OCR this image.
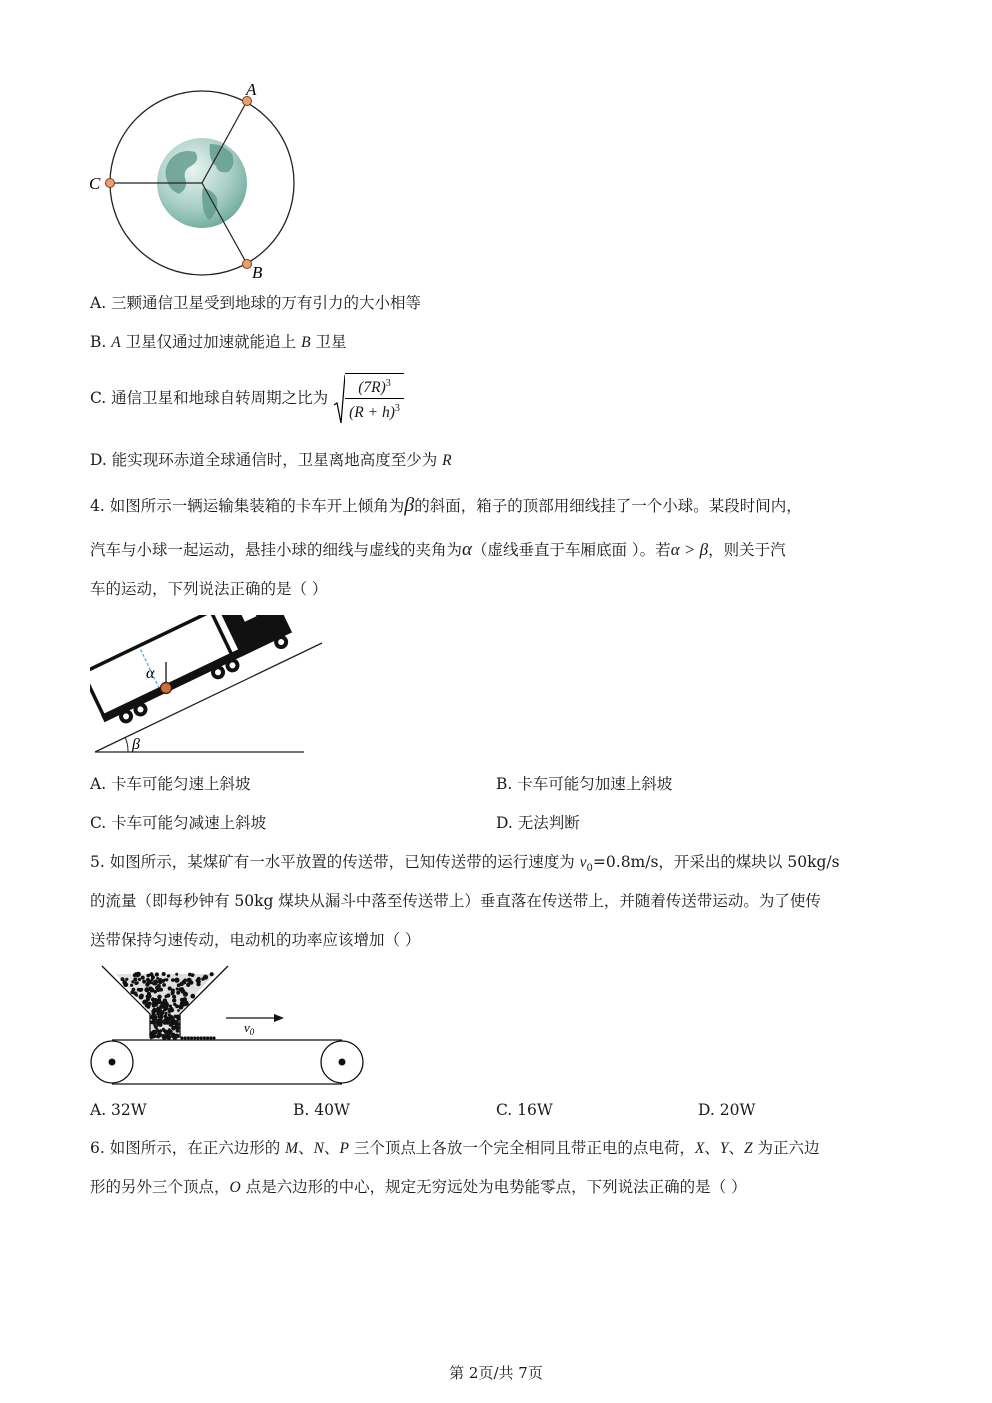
A
B
C
A. 三颗通信卫星受到地球的万有引力的大小相等
B. A 卫星仅通过加速就能追上 B 卫星
C. 通信卫星和地球自转周期之比为 $\frac{(7R)^3}{(R + h)^3}$
D. 能实现环赤道全球通信时，卫星离地高度至少为 R
4. 如图所示一辆运输集装箱的卡车开上倾角为β的斜面，箱子的顶部用细线挂了一个小球。某段时间内，
汽车与小球一起运动，悬挂小球的细线与虚线的夹角为α（虚线垂直于车厢底面 ）。若α > β，则关于汽
车的运动，下列说法正确的是（ ）
α
β
A. 卡车可能匀速上斜坡	B. 卡车可能匀加速上斜坡
C. 卡车可能匀减速上斜坡	D. 无法判断
5. 如图所示，某煤矿有一水平放置的传送带，已知传送带的运行速度为 $v_0=0.8m/s$，开采出的煤块以 50kg/s
的流量（即每秒钟有 50kg 煤块从漏斗中落至传送带上）垂直落在传送带上，并随着传送带运动。为了使传
送带保持匀速传动，电动机的功率应该增加（ ）
$v_0$
A. 32W	B. 40W	C. 16W	D. 20W
6. 如图所示，在正六边形的 M、N、P 三个顶点上各放一个完全相同且带正电的点电荷，X、Y、Z 为正六边
形的另外三个顶点，O 点是六边形的中心，规定无穷远处为电势能零点，下列说法正确的是（ ）
第 2页/共 7页
